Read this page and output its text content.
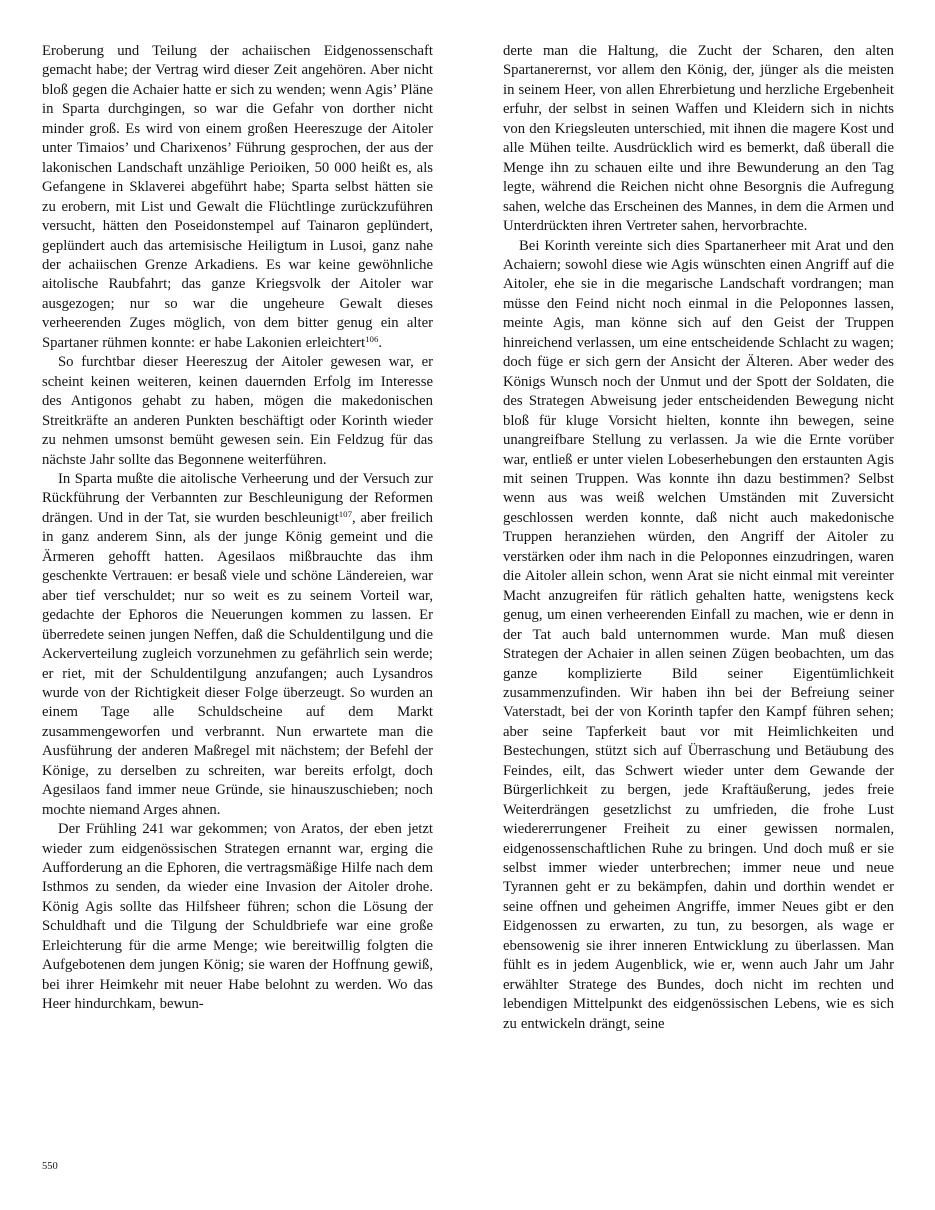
Eroberung und Teilung der achaiischen Eidgenossenschaft gemacht habe; der Vertrag wird dieser Zeit angehören. Aber nicht bloß gegen die Achaier hatte er sich zu wenden; wenn Agis’ Pläne in Sparta durchgingen, so war die Gefahr von dorther nicht minder groß. Es wird von einem großen Heereszuge der Aitoler unter Timaios’ und Charixenos’ Führung gesprochen, der aus der lakonischen Landschaft unzählige Perioiken, 50 000 heißt es, als Gefangene in Sklaverei abgeführt habe; Sparta selbst hätten sie zu erobern, mit List und Gewalt die Flüchtlinge zurückzuführen versucht, hätten den Poseidonstempel auf Tainaron geplündert, geplündert auch das artemisische Heiligtum in Lusoi, ganz nahe der achaiischen Grenze Arkadiens. Es war keine gewöhnliche aitolische Raubfahrt; das ganze Kriegsvolk der Aitoler war ausgezogen; nur so war die ungeheure Gewalt dieses verheerenden Zuges möglich, von dem bitter genug ein alter Spartaner rühmen konnte: er habe Lakonien erleichtert$^{106}$.

So furchtbar dieser Heereszug der Aitoler gewesen war, er scheint keinen weiteren, keinen dauernden Erfolg im Interesse des Antigonos gehabt zu haben, mögen die makedonischen Streitkräfte an anderen Punkten beschäftigt oder Korinth wieder zu nehmen umsonst bemüht gewesen sein. Ein Feldzug für das nächste Jahr sollte das Begonnene weiterführen.

In Sparta mußte die aitolische Verheerung und der Versuch zur Rückführung der Verbannten zur Beschleunigung der Reformen drängen. Und in der Tat, sie wurden beschleunigt$^{107}$, aber freilich in ganz anderem Sinn, als der junge König gemeint und die Ärmeren gehofft hatten. Agesilaos mißbrauchte das ihm geschenkte Vertrauen: er besaß viele und schöne Ländereien, war aber tief verschuldet; nur so weit es zu seinem Vorteil war, gedachte der Ephoros die Neuerungen kommen zu lassen. Er überredete seinen jungen Neffen, daß die Schuldentilgung und die Ackerverteilung zugleich vorzunehmen zu gefährlich sein werde; er riet, mit der Schuldentilgung anzufangen; auch Lysandros wurde von der Richtigkeit dieser Folge überzeugt. So wurden an einem Tage alle Schuldscheine auf dem Markt zusammengeworfen und verbrannt. Nun erwartete man die Ausführung der anderen Maßregel mit nächstem; der Befehl der Könige, zu derselben zu schreiten, war bereits erfolgt, doch Agesilaos fand immer neue Gründe, sie hinauszuschieben; noch mochte niemand Arges ahnen.

Der Frühling 241 war gekommen; von Aratos, der eben jetzt wieder zum eidgenössischen Strategen ernannt war, erging die Aufforderung an die Ephoren, die vertragsmäßige Hilfe nach dem Isthmos zu senden, da wieder eine Invasion der Aitoler drohe. König Agis sollte das Hilfsheer führen; schon die Lösung der Schuldhaft und die Tilgung der Schuldbriefe war eine große Erleichterung für die arme Menge; wie bereitwillig folgten die Aufgebotenen dem jungen König; sie waren der Hoffnung gewiß, bei ihrer Heimkehr mit neuer Habe belohnt zu werden. Wo das Heer hindurchkam, bewun-

derte man die Haltung, die Zucht der Scharen, den alten Spartanerernst, vor allem den König, der, jünger als die meisten in seinem Heer, von allen Ehrerbietung und herzliche Ergebenheit erfuhr, der selbst in seinen Waffen und Kleidern sich in nichts von den Kriegsleuten unterschied, mit ihnen die magere Kost und alle Mühen teilte. Ausdrücklich wird es bemerkt, daß überall die Menge ihn zu schauen eilte und ihre Bewunderung an den Tag legte, während die Reichen nicht ohne Besorgnis die Aufregung sahen, welche das Erscheinen des Mannes, in dem die Armen und Unterdrückten ihren Vertreter sahen, hervorbrachte.

Bei Korinth vereinte sich dies Spartanerheer mit Arat und den Achaiern; sowohl diese wie Agis wünschten einen Angriff auf die Aitoler, ehe sie in die megarische Landschaft vordrangen; man müsse den Feind nicht noch einmal in die Peloponnes lassen, meinte Agis, man könne sich auf den Geist der Truppen hinreichend verlassen, um eine entscheidende Schlacht zu wagen; doch füge er sich gern der Ansicht der Älteren. Aber weder des Königs Wunsch noch der Unmut und der Spott der Soldaten, die des Strategen Abweisung jeder entscheidenden Bewegung nicht bloß für kluge Vorsicht hielten, konnte ihn bewegen, seine unangreifbare Stellung zu verlassen. Ja wie die Ernte vorüber war, entließ er unter vielen Lobeserhebungen den erstaunten Agis mit seinen Truppen. Was konnte ihn dazu bestimmen? Selbst wenn aus was weiß welchen Umständen mit Zuversicht geschlossen werden konnte, daß nicht auch makedonische Truppen heranziehen würden, den Angriff der Aitoler zu verstärken oder ihm nach in die Peloponnes einzudringen, waren die Aitoler allein schon, wenn Arat sie nicht einmal mit vereinter Macht anzugreifen für rätlich gehalten hatte, wenigstens keck genug, um einen verheerenden Einfall zu machen, wie er denn in der Tat auch bald unternommen wurde. Man muß diesen Strategen der Achaier in allen seinen Zügen beobachten, um das ganze komplizierte Bild seiner Eigentümlichkeit zusammenzufinden. Wir haben ihn bei der Befreiung seiner Vaterstadt, bei der von Korinth tapfer den Kampf führen sehen; aber seine Tapferkeit baut vor mit Heimlichkeiten und Bestechungen, stützt sich auf Überraschung und Betäubung des Feindes, eilt, das Schwert wieder unter dem Gewande der Bürgerlichkeit zu bergen, jede Kraftäußerung, jedes freie Weiterdrängen gesetzlichst zu umfrieden, die frohe Lust wiedererrungener Freiheit zu einer gewissen normalen, eidgenossenschaftlichen Ruhe zu bringen. Und doch muß er sie selbst immer wieder unterbrechen; immer neue und neue Tyrannen geht er zu bekämpfen, dahin und dorthin wendet er seine offnen und geheimen Angriffe, immer Neues gibt er den Eidgenossen zu erwarten, zu tun, zu besorgen, als wage er ebensowenig sie ihrer inneren Entwicklung zu überlassen. Man fühlt es in jedem Augenblick, wie er, wenn auch Jahr um Jahr erwählter Stratege des Bundes, doch nicht im rechten und lebendigen Mittelpunkt des eidgenössischen Lebens, wie es sich zu entwickeln drängt, seine

550
